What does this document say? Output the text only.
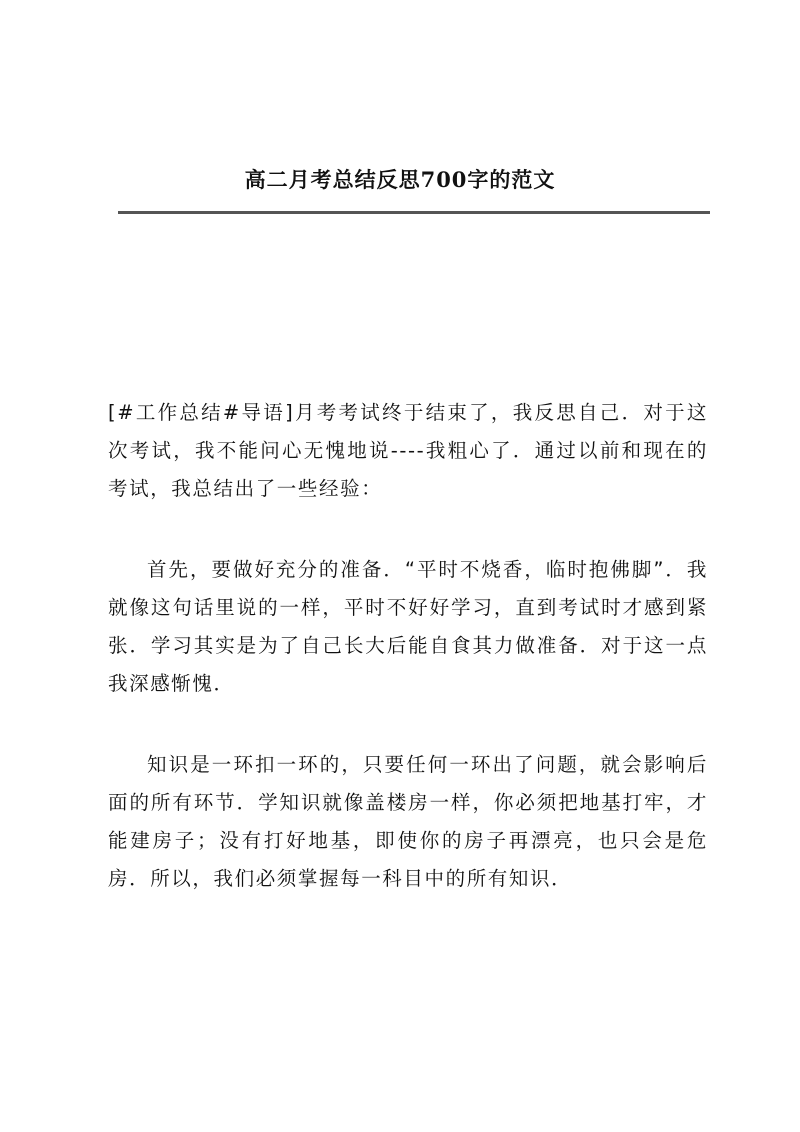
高二月考总结反思700字的范文

[#工作总结#导语]月考考试终于结束了，我反思自己．对于这次考试，我不能问心无愧地说----我粗心了．通过以前和现在的考试，我总结出了一些经验：

首先，要做好充分的准备．“平时不烧香，临时抱佛脚”．我就像这句话里说的一样，平时不好好学习，直到考试时才感到紧张．学习其实是为了自己长大后能自食其力做准备．对于这一点我深感惭愧．

知识是一环扣一环的，只要任何一环出了问题，就会影响后面的所有环节．学知识就像盖楼房一样，你必须把地基打牢，才能建房子；没有打好地基，即使你的房子再漂亮，也只会是危房．所以，我们必须掌握每一科目中的所有知识．
